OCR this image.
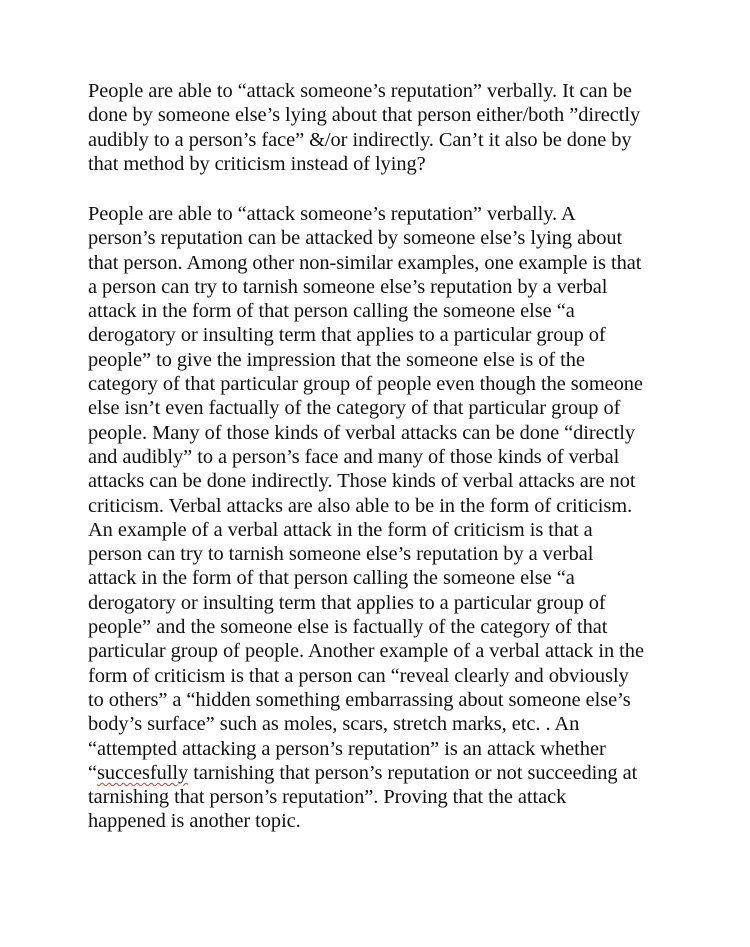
People are able to “attack someone’s reputation” verbally. It can be
done by someone else’s lying about that person either/both ”directly
audibly to a person’s face” &/or indirectly. Can’t it also be done by
that method by criticism instead of lying?
People are able to “attack someone’s reputation” verbally. A
person’s reputation can be attacked by someone else’s lying about
that person. Among other non-similar examples, one example is that
a person can try to tarnish someone else’s reputation by a verbal
attack in the form of that person calling the someone else “a
derogatory or insulting term that applies to a particular group of
people” to give the impression that the someone else is of the
category of that particular group of people even though the someone
else isn’t even factually of the category of that particular group of
people. Many of those kinds of verbal attacks can be done “directly
and audibly” to a person’s face and many of those kinds of verbal
attacks can be done indirectly. Those kinds of verbal attacks are not
criticism. Verbal attacks are also able to be in the form of criticism.
An example of a verbal attack in the form of criticism is that a
person can try to tarnish someone else’s reputation by a verbal
attack in the form of that person calling the someone else “a
derogatory or insulting term that applies to a particular group of
people” and the someone else is factually of the category of that
particular group of people. Another example of a verbal attack in the
form of criticism is that a person can “reveal clearly and obviously
to others” a “hidden something embarrassing about someone else’s
body’s surface” such as moles, scars, stretch marks, etc. . An
“attempted attacking a person’s reputation” is an attack whether
“succesfully tarnishing that person’s reputation or not succeeding at
tarnishing that person’s reputation”. Proving that the attack
happened is another topic.
